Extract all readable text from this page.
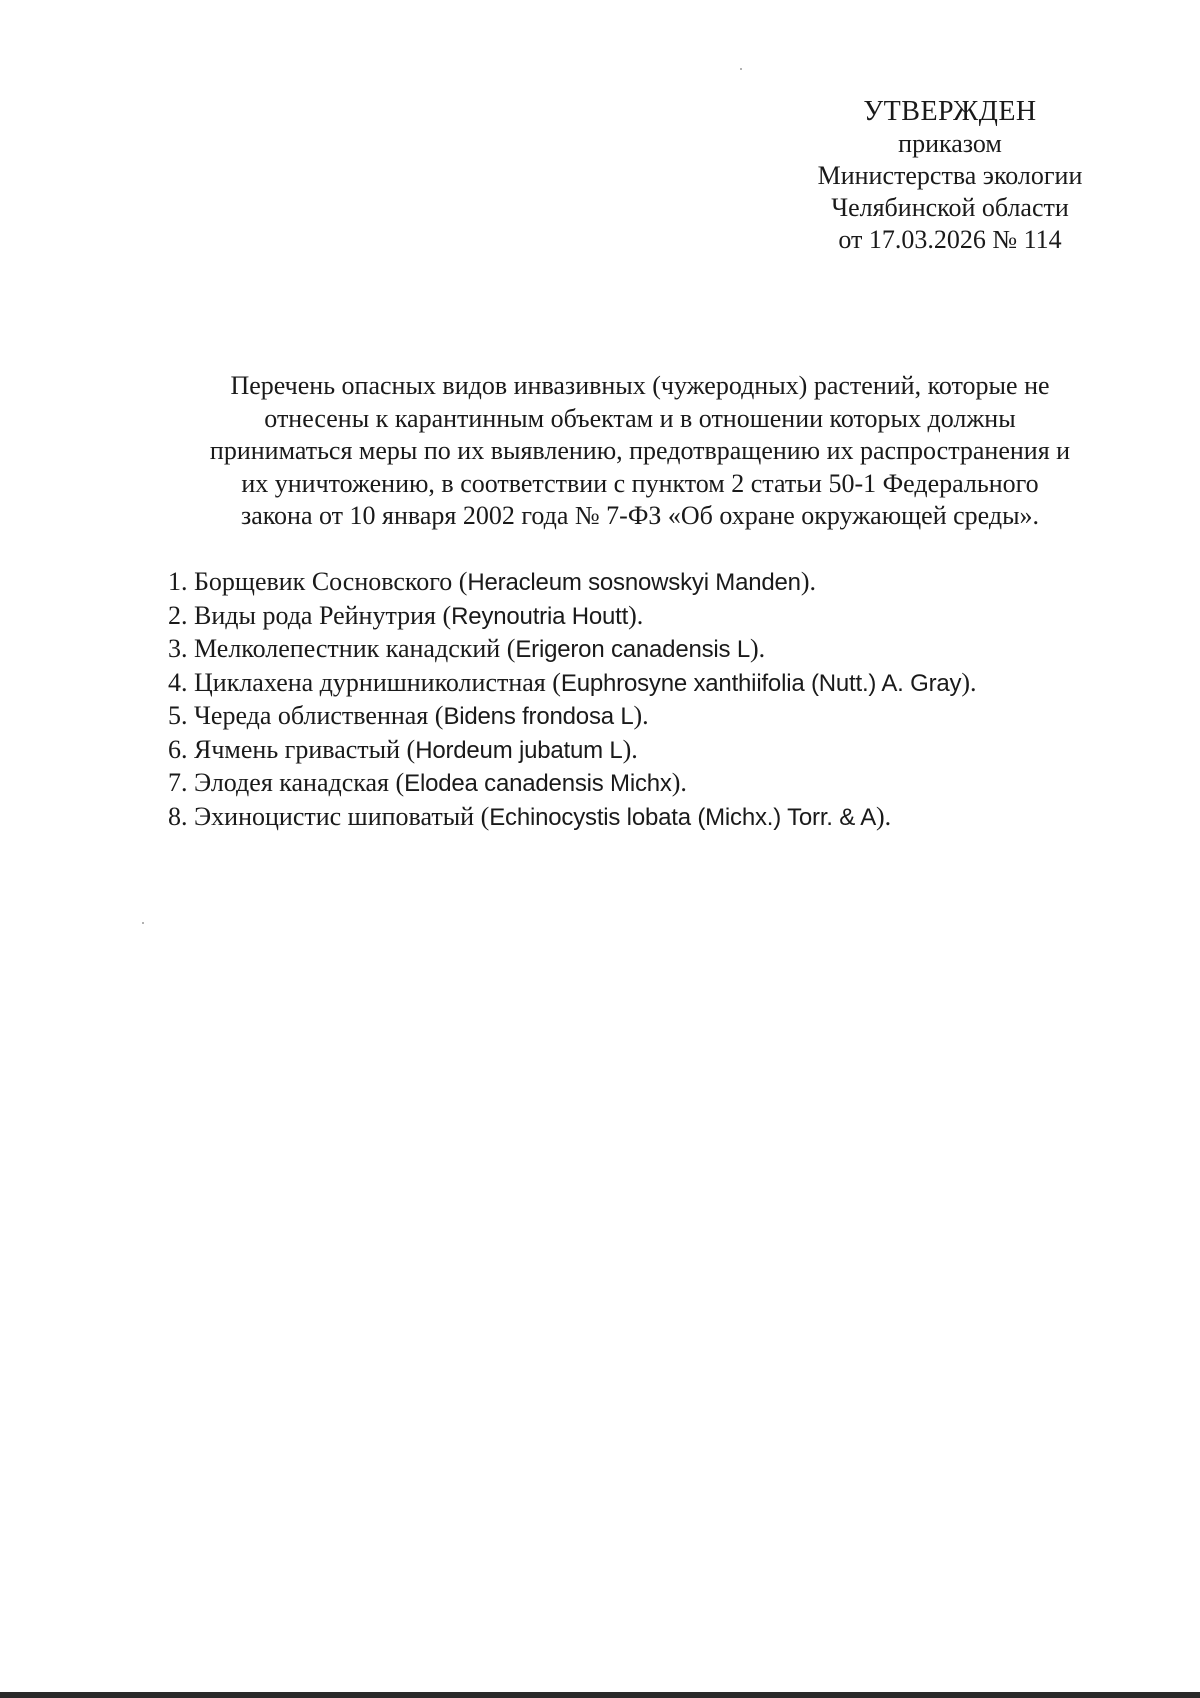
УТВЕРЖДЕН
приказом
Министерства экологии
Челябинской области
от 17.03.2026 № 114
Перечень опасных видов инвазивных (чужеродных) растений, которые не
отнесены к карантинным объектам и в отношении которых должны
приниматься меры по их выявлению, предотвращению их распространения и
их уничтожению, в соответствии с пунктом 2 статьи 50-1 Федерального
закона от 10 января 2002 года № 7-ФЗ «Об охране окружающей среды».
1. Борщевик Сосновского (Heracleum sosnowskyi Manden).
2. Виды рода Рейнутрия (Reynoutria Houtt).
3. Мелколепестник канадский (Erigeron canadensis L).
4. Циклахена дурнишниколистная (Euphrosyne xanthiifolia (Nutt.) A. Gray).
5. Череда облиственная (Bidens frondosa L).
6. Ячмень гривастый (Hordeum jubatum L).
7. Элодея канадская (Elodea canadensis Michx).
8. Эхиноцистис шиповатый (Echinocystis lobata (Michx.) Torr. & A).
